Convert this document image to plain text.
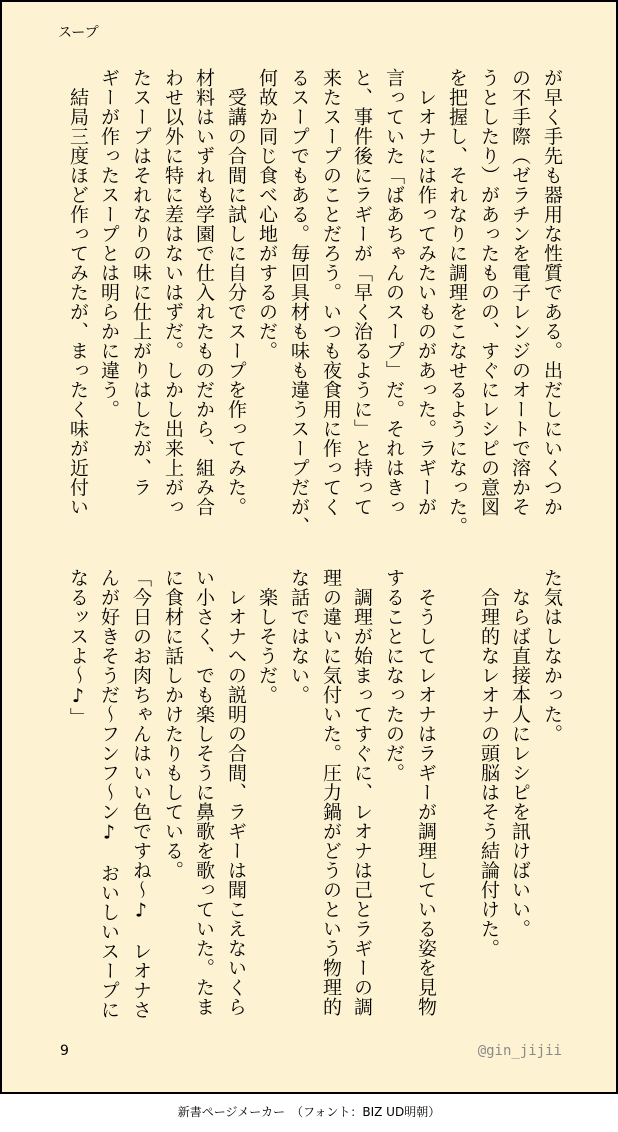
スープ
が早く手先も器用な性質である。出だしにいくつか
の不手際（ゼラチンを電子レンジのオートで溶かそ
うとしたり）があったものの、すぐにレシピの意図
を把握し、それなりに調理をこなせるようになった。
　レオナには作ってみたいものがあった。ラギーが
言っていた「ばあちゃんのスープ」だ。それはきっ
と、事件後にラギーが「早く治るように」と持って
来たスープのことだろう。いつも夜食用に作ってく
るスープでもある。毎回具材も味も違うスープだが、
何故か同じ食べ心地がするのだ。
　受講の合間に試しに自分でスープを作ってみた。
材料はいずれも学園で仕入れたものだから、組み合
わせ以外に特に差はないはずだ。しかし出来上がっ
たスープはそれなりの味に仕上がりはしたが、ラ
ギーが作ったスープとは明らかに違う。
　結局三度ほど作ってみたが、まったく味が近付い
た気はしなかった。
　ならば直接本人にレシピを訊けばいい。
　合理的なレオナの頭脳はそう結論付けた。
　そうしてレオナはラギーが調理している姿を見物
することになったのだ。
　調理が始まってすぐに、レオナは己とラギーの調
理の違いに気付いた。圧力鍋がどうのという物理的
な話ではない。
　楽しそうだ。
　レオナへの説明の合間、ラギーは聞こえないくら
い小さく、でも楽しそうに鼻歌を歌っていた。たま
に食材に話しかけたりもしている。
「今日のお肉ちゃんはいい色ですね～♪　レオナさ
んが好きそうだ～フンフ～ン♪　おいしいスープに
なるッスよ～♪」
9	@gin_jijii
新書ページメーカー　（フォント：BIZ UD明朝）
